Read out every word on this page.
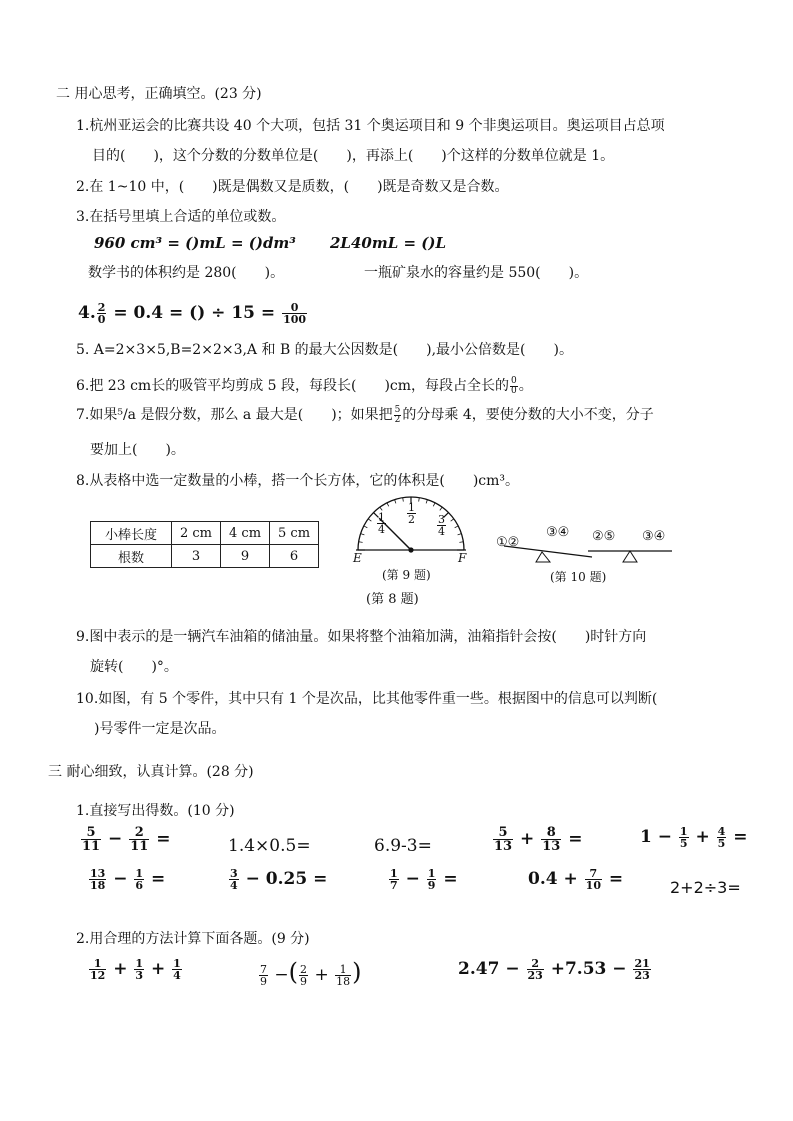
二 用心思考，正确填空。(23 分)
1.杭州亚运会的比赛共设 40 个大项，包括 31 个奥运项目和 9 个非奥运项目。奥运项目占总项
目的(　　)，这个分数的分数单位是(　　)，再添上(　　)个这样的分数单位就是 1。
2.在 1~10 中，(　　)既是偶数又是质数，(　　)既是奇数又是合数。
3.在括号里填上合适的单位或数。
960 cm³ = ()mL = ()dm³ 2L40mL = ()L
数学书的体积约是 280(　　)。	一瓶矿泉水的容量约是 550(　　)。
4. $\frac{2}{0} = 0.4$ = () ÷ $15 = \frac{0}{100}$
5. A=2×3×5,B=2×2×3,A 和 B 的最大公因数是(　　),最小公倍数是(　　)。
6.把 23 cm长的吸管平均剪成 5 段，每段长(　　)cm，每段占全长的 $\frac{0}{0}$ 。
7.如果⁵/a 是假分数，那么 a 最大是(　　)；如果把 $\frac{5}{2}$ 的分母乘 4，要使分数的大小不变，分子
要加上(　　)。
8.从表格中选一定数量的小棒，搭一个长方体，它的体积是(　　)cm³。
小棒长度	2 cm	4 cm	5 cm
根数	3	9	6	E	F
$\frac{1}{4} \frac{1}{2}$
$\frac{3}{4}$
(第 9 题)
(第 8 题)
①②
③④ ②⑤ ③④
(第 10 题)
9.图中表示的是一辆汽车油箱的储油量。如果将整个油箱加满，油箱指针会按(　　)时针方向
旋转(　　)°。
10.如图，有 5 个零件，其中只有 1 个是次品，比其他零件重一些。根据图中的信息可以判断(
)号零件一定是次品。
三 耐心细致，认真计算。(28 分)
1.直接写出得数。(10 分)
$\frac{5}{11} - \frac{2}{11}$ =	1.4×0.5=	6.9-3=	$\frac{5}{13} + \frac{8}{13}$ =	$1 - \frac{1}{5} + \frac{4}{5}$ =
$\frac{13}{18} - \frac{1}{6}$ =	$\frac{3}{4} - 0.25$ =	$\frac{1}{7} - \frac{1}{9}$ =	$0.4 + \frac{7}{10}$ =	2+2÷3=
2.用合理的方法计算下面各题。(9 分)
$\frac{1}{12} + \frac{1}{3} + \frac{1}{4}$	$\frac{7}{9}$ −( $\frac{2}{9} + \frac{1}{18}$ )	$2.47 - \frac{2}{23} +7.53 - \frac{21}{23}$
